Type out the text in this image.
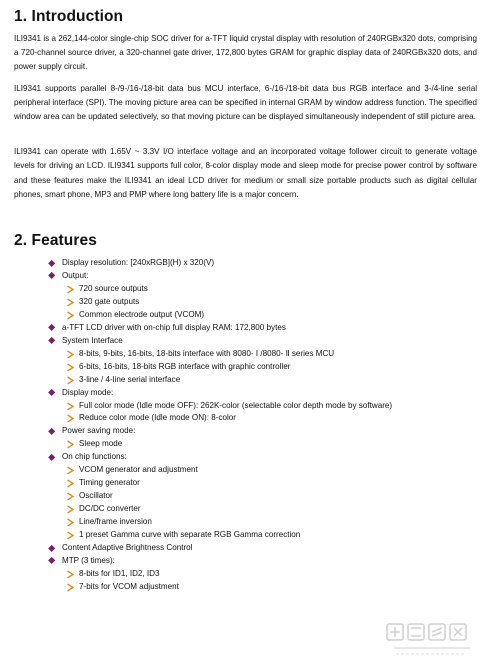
1. Introduction

ILI9341 is a 262,144-color single-chip SOC driver for a-TFT liquid crystal display with resolution of 240RGBx320 dots, comprising a 720-channel source driver, a 320-channel gate driver, 172,800 bytes GRAM for graphic display data of 240RGBx320 dots, and power supply circuit.

ILI9341 supports parallel 8-/9-/16-/18-bit data bus MCU interface, 6-/16-/18-bit data bus RGB interface and 3-/4-line serial peripheral interface (SPI). The moving picture area can be specified in internal GRAM by window address function. The specified window area can be updated selectively, so that moving picture can be displayed simultaneously independent of still picture area.

ILI9341 can operate with 1.65V ~ 3.3V I/O interface voltage and an incorporated voltage follower circuit to generate voltage levels for driving an LCD. ILI9341 supports full color, 8-color display mode and sleep mode for precise power control by software and these features make the ILI9341 an ideal LCD driver for medium or small size portable products such as digital cellular phones, smart phone, MP3 and PMP where long battery life is a major concern.

2. Features
Display resolution: [240xRGB](H) x 320(V)
Output:
720 source outputs
320 gate outputs
Common electrode output (VCOM)
a-TFT LCD driver with on-chip full display RAM: 172,800 bytes
System Interface
8-bits, 9-bits, 16-bits, 18-bits interface with 8080- Ⅰ /8080- Ⅱ series MCU
6-bits, 16-bits, 18-bits RGB interface with graphic controller
3-line / 4-line serial interface
Display mode:
Full color mode (Idle mode OFF): 262K-color (selectable color depth mode by software)
Reduce color mode (Idle mode ON): 8-color
Power saving mode:
Sleep mode
On chip functions:
VCOM generator and adjustment
Timing generator
Oscillator
DC/DC converter
Line/frame inversion
1 preset Gamma curve with separate RGB Gamma correction
Content Adaptive Brightness Control
MTP (3 times):
8-bits for ID1, ID2, ID3
7-bits for VCOM adjustment
